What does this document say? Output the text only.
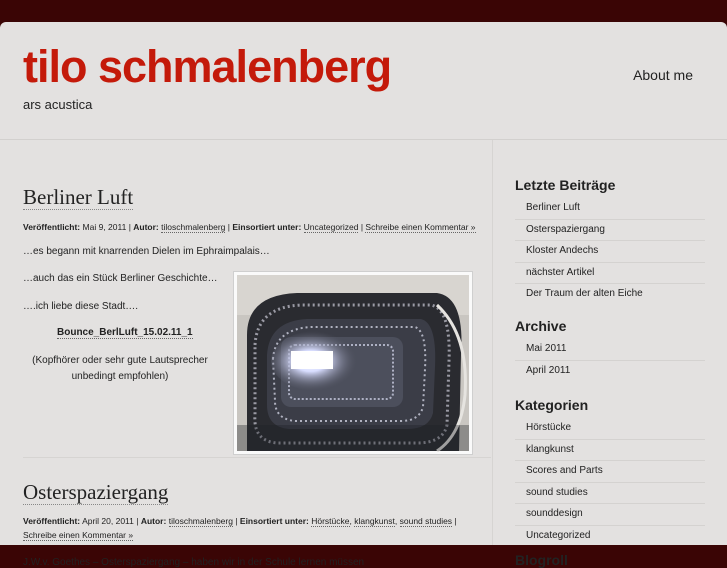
tilo schmalenberg
ars acustica
About me
Berliner Luft
Veröffentlicht: Mai 9, 2011 | Autor: tiloschmalenberg | Einsortiert unter: Uncategorized | Schreibe einen Kommentar »

…es begann mit knarrenden Dielen im Ephraimpalais…

…auch das ein Stück Berliner Geschichte…

….ich liebe diese Stadt….

Bounce_BerlLuft_15.02.11_1
(Kopfhörer oder sehr gute Lautsprecher unbedingt empfohlen)
Osterspaziergang
Veröffentlicht: April 20, 2011 | Autor: tiloschmalenberg | Einsortiert unter: Hörstücke, klangkunst, sound studies |
Schreibe einen Kommentar »

J.W.v. Goethes – Osterspaziergang – haben wir in der Schule lernen müssen

Letzte Beiträge
Berliner Luft
Osterspaziergang
Kloster Andechs
nächster Artikel
Der Traum der alten Eiche
Archive
Mai 2011
April 2011
Kategorien
Hörstücke
klangkunst
Scores and Parts
sound studies
sounddesign
Uncategorized
Blogroll
